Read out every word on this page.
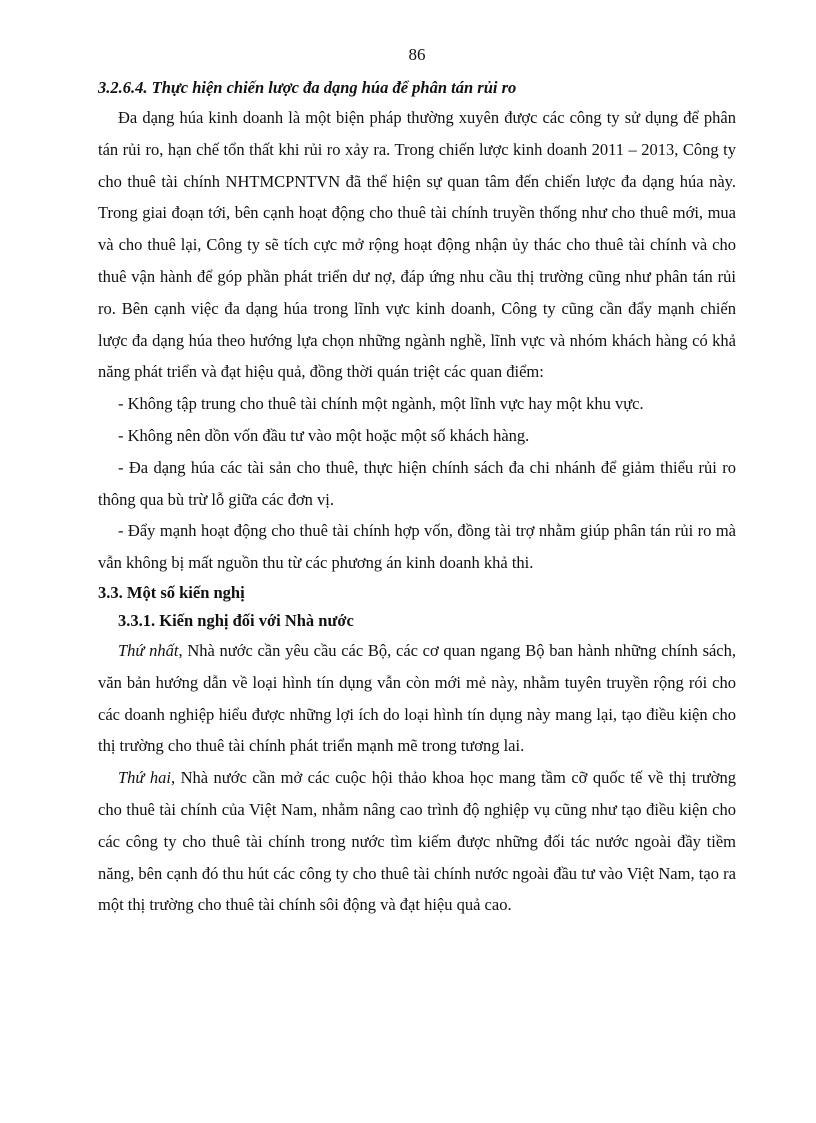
86
3.2.6.4. Thực hiện chiến lược đa dạng húa để phân tán rủi ro

Đa dạng húa kinh doanh là một biện pháp thường xuyên được các công ty sử dụng để phân tán rủi ro, hạn chế tổn thất khi rủi ro xảy ra. Trong chiến lược kinh doanh 2011 – 2013, Công ty cho thuê tài chính NHTMCPNTVN đã thể hiện sự quan tâm đến chiến lược đa dạng húa này. Trong giai đoạn tới, bên cạnh hoạt động cho thuê tài chính truyền thống như cho thuê mới, mua và cho thuê lại, Công ty sẽ tích cực mở rộng hoạt động nhận ủy thác cho thuê tài chính và cho thuê vận hành để góp phần phát triển dư nợ, đáp ứng nhu cầu thị trường cũng như phân tán rủi ro. Bên cạnh việc đa dạng húa trong lĩnh vực kinh doanh, Công ty cũng cần đẩy mạnh chiến lược đa dạng húa theo hướng lựa chọn những ngành nghề, lĩnh vực và nhóm khách hàng có khả năng phát triển và đạt hiệu quả, đồng thời quán triệt các quan điểm:

- Không tập trung cho thuê tài chính một ngành, một lĩnh vực hay một khu vực.

- Không nên dồn vốn đầu tư vào một hoặc một số khách hàng.

- Đa dạng húa các tài sản cho thuê, thực hiện chính sách đa chi nhánh để giảm thiểu rủi ro thông qua bù trừ lỗ giữa các đơn vị.

- Đẩy mạnh hoạt động cho thuê tài chính hợp vốn, đồng tài trợ nhằm giúp phân tán rủi ro mà vẫn không bị mất nguồn thu từ các phương án kinh doanh khả thi.

3.3. Một số kiến nghị
3.3.1. Kiến nghị đối với Nhà nước

Thứ nhất, Nhà nước cần yêu cầu các Bộ, các cơ quan ngang Bộ ban hành những chính sách, văn bản hướng dẫn về loại hình tín dụng vẫn còn mới mẻ này, nhằm tuyên truyền rộng rói cho các doanh nghiệp hiểu được những lợi ích do loại hình tín dụng này mang lại, tạo điều kiện cho thị trường cho thuê tài chính phát triển mạnh mẽ trong tương lai.

Thứ hai, Nhà nước cần mở các cuộc hội thảo khoa học mang tầm cỡ quốc tế về thị trường cho thuê tài chính của Việt Nam, nhằm nâng cao trình độ nghiệp vụ cũng như tạo điều kiện cho các công ty cho thuê tài chính trong nước tìm kiếm được những đối tác nước ngoài đầy tiềm năng, bên cạnh đó thu hút các công ty cho thuê tài chính nước ngoài đầu tư vào Việt Nam, tạo ra một thị trường cho thuê tài chính sôi động và đạt hiệu quả cao.
